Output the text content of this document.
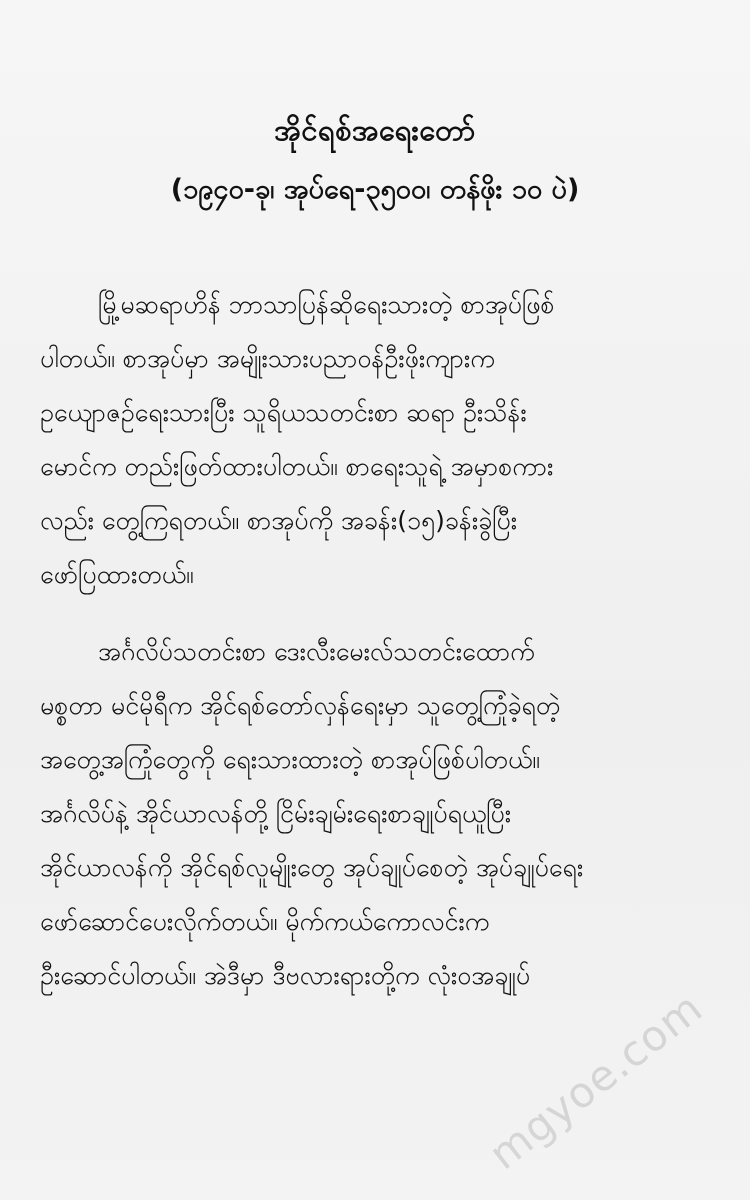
အိုင်ရစ်အရေးတော်
(၁၉၄၀-ခု၊ အုပ်ရေ-၃၅၀၀၊ တန်ဖိုး ၁၀ ပဲ)
မြို့မဆရာဟိန် ဘာသာပြန်ဆိုရေးသားတဲ့ စာအုပ်ဖြစ်
ပါတယ်။ စာအုပ်မှာ အမျိုးသားပညာဝန်ဦးဖိုးကျားက
ဥယျောဇဉ်ရေးသားပြီး သူရိယသတင်းစာ ဆရာ ဦးသိန်း
မောင်က တည်းဖြတ်ထားပါတယ်။ စာရေးသူရဲ့ အမှာစကား
လည်း တွေ့ကြရတယ်။ စာအုပ်ကို အခန်း(၁၅)ခန်းခွဲပြီး
ဖော်ပြထားတယ်။
အင်္ဂလိပ်သတင်းစာ ဒေးလီးမေးလ်သတင်းထောက်
မစ္စတာ မင်မိုရီက အိုင်ရစ်တော်လှန်ရေးမှာ သူတွေ့ကြုံခဲ့ရတဲ့
အတွေ့အကြုံတွေကို ရေးသားထားတဲ့ စာအုပ်ဖြစ်ပါတယ်။
အင်္ဂလိပ်နဲ့ အိုင်ယာလန်တို့ ငြိမ်းချမ်းရေးစာချုပ်ရယူပြီး
အိုင်ယာလန်ကို အိုင်ရစ်လူမျိုးတွေ အုပ်ချုပ်စေတဲ့ အုပ်ချုပ်ရေး
ဖော်ဆောင်ပေးလိုက်တယ်။ မိုက်ကယ်ကောလင်းက
ဦးဆောင်ပါတယ်။ အဲဒီမှာ ဒီဗလားရားတို့က လုံးဝအချုပ်
mgyoe.com
